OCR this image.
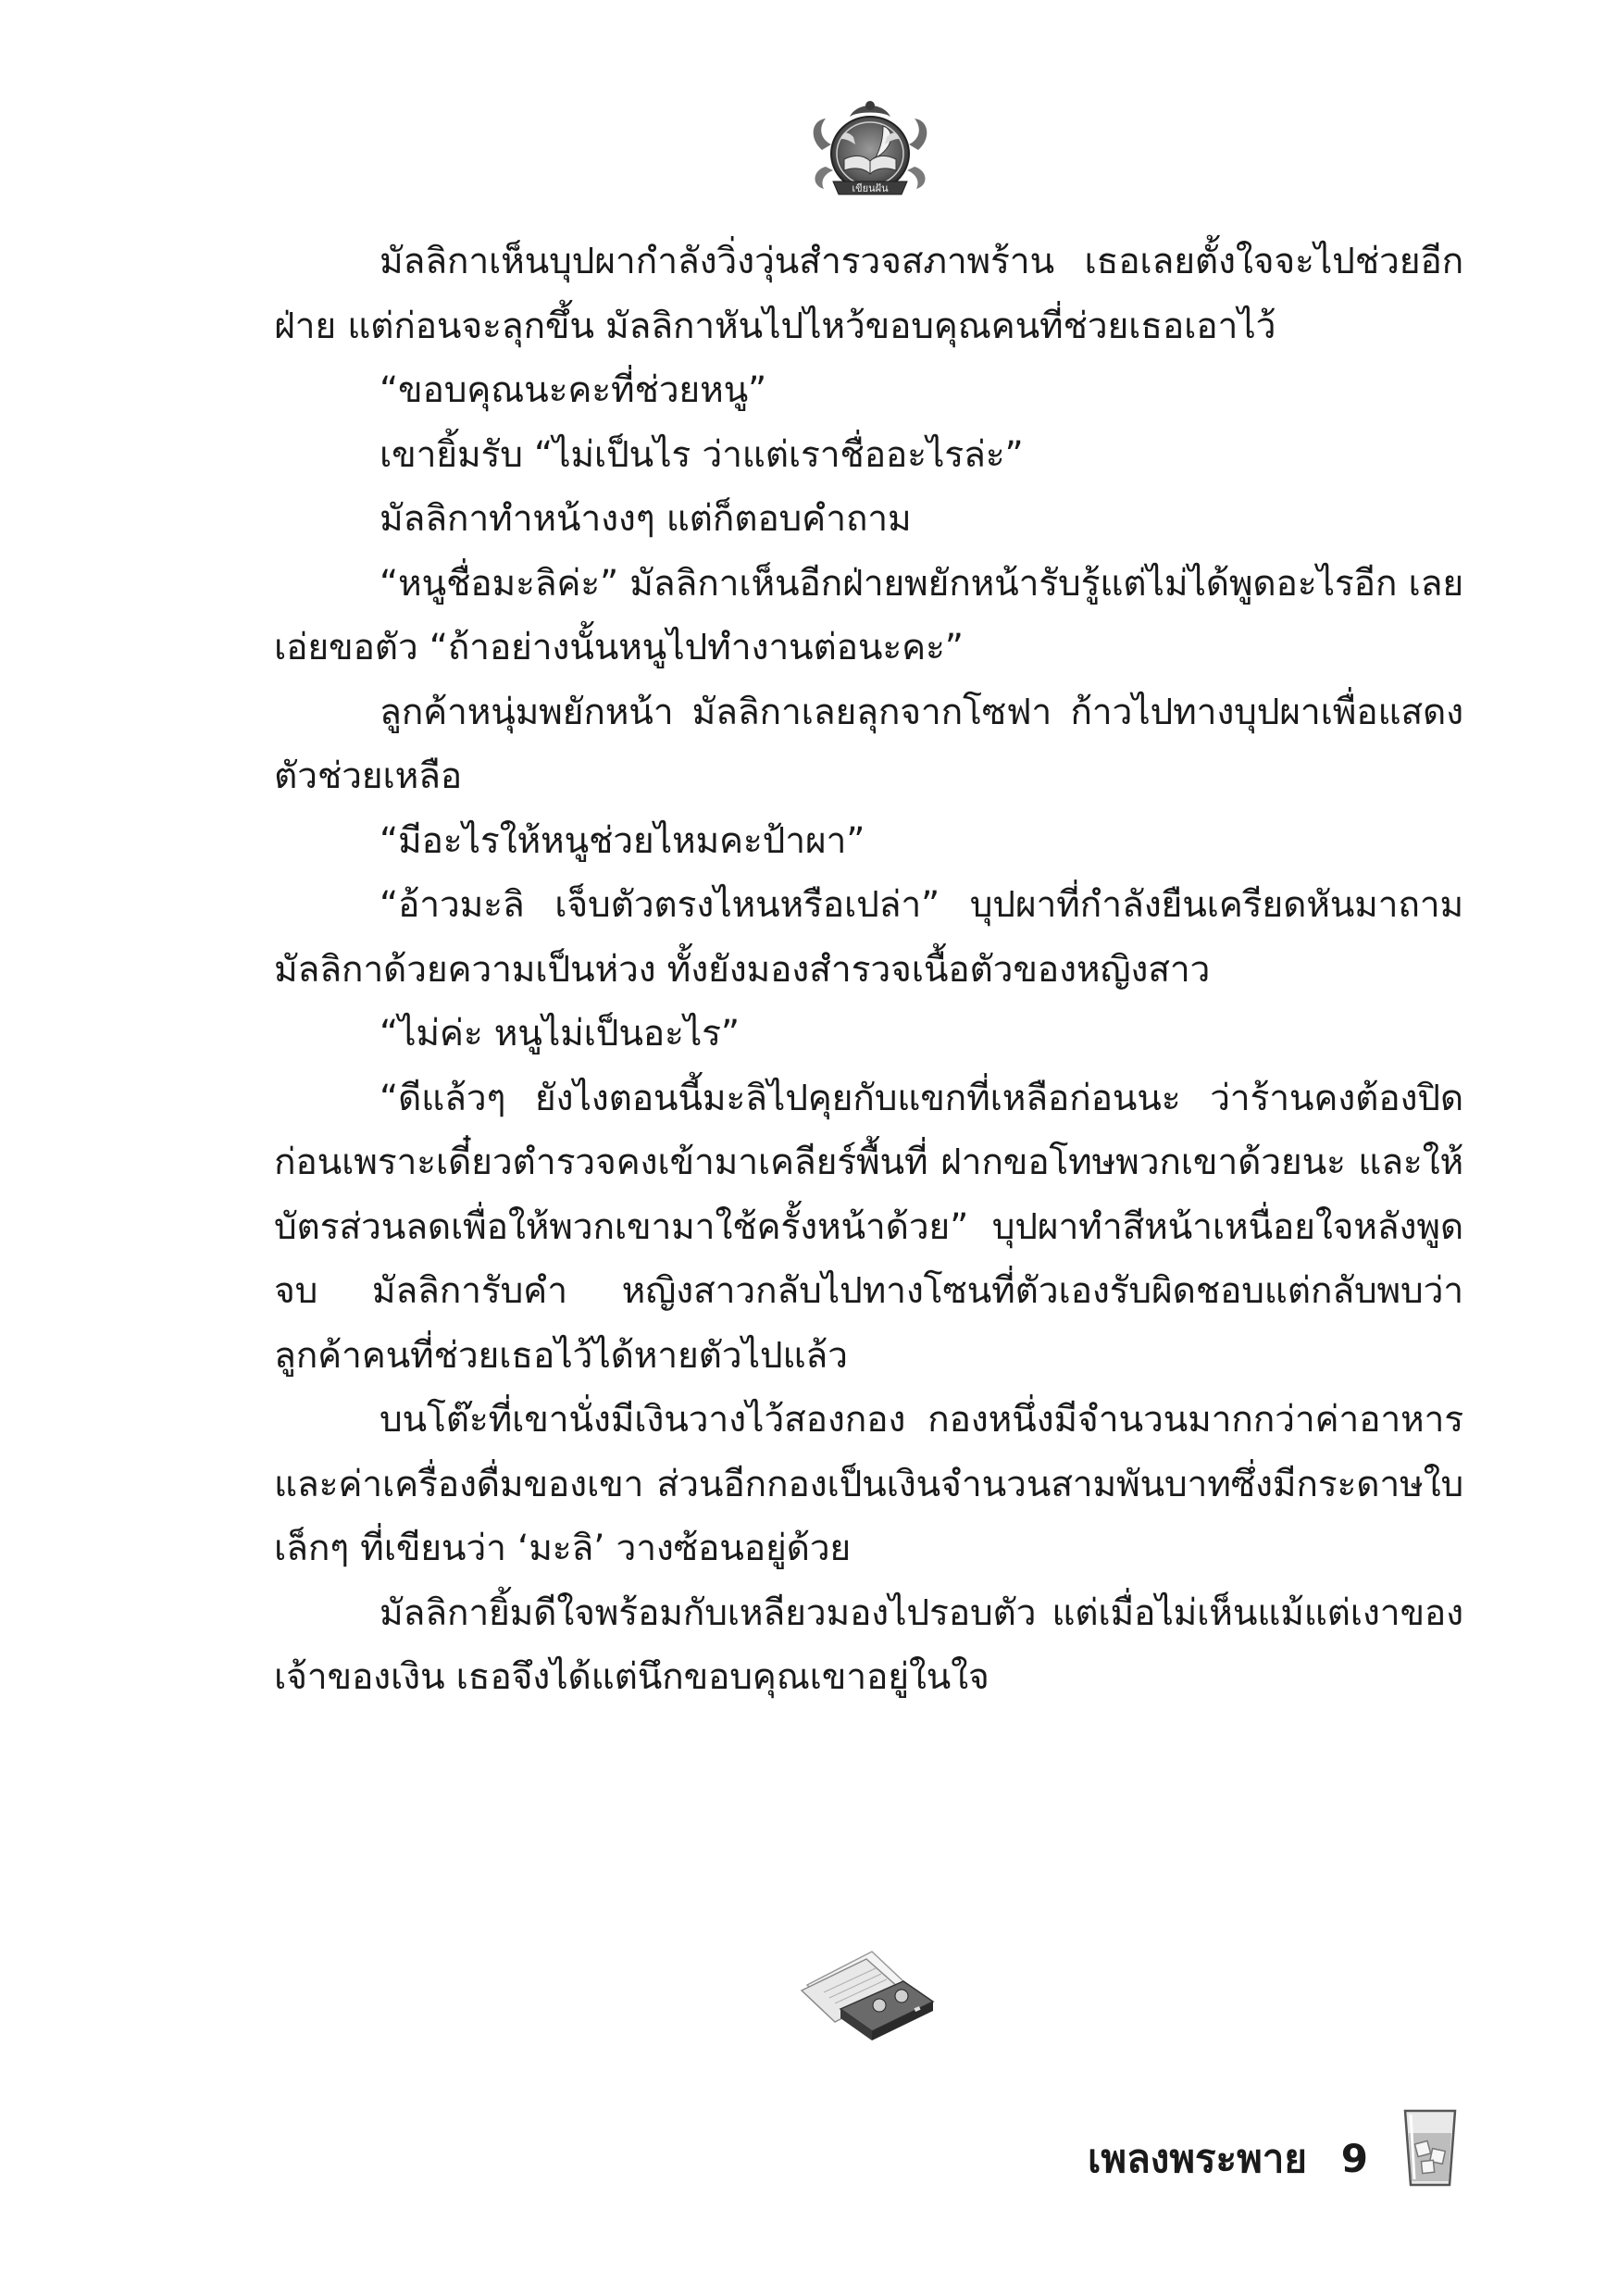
เขียนฝัน

มัลลิกาเห็นบุปผากำลังวิ่งวุ่นสำรวจสภาพร้าน เธอเลยตั้งใจจะไปช่วยอีกฝ่าย แต่ก่อนจะลุกขึ้น มัลลิกาหันไปไหว้ขอบคุณคนที่ช่วยเธอเอาไว้

“ขอบคุณนะคะที่ช่วยหนู”

เขายิ้มรับ “ไม่เป็นไร ว่าแต่เราชื่ออะไรล่ะ”

มัลลิกาทำหน้างงๆ แต่ก็ตอบคำถาม

“หนูชื่อมะลิค่ะ” มัลลิกาเห็นอีกฝ่ายพยักหน้ารับรู้แต่ไม่ได้พูดอะไรอีก เลยเอ่ยขอตัว “ถ้าอย่างนั้นหนูไปทำงานต่อนะคะ”

ลูกค้าหนุ่มพยักหน้า มัลลิกาเลยลุกจากโซฟา ก้าวไปทางบุปผาเพื่อแสดงตัวช่วยเหลือ

“มีอะไรให้หนูช่วยไหมคะป้าผา”

“อ้าวมะลิ เจ็บตัวตรงไหนหรือเปล่า” บุปผาที่กำลังยืนเครียดหันมาถามมัลลิกาด้วยความเป็นห่วง ทั้งยังมองสำรวจเนื้อตัวของหญิงสาว

“ไม่ค่ะ หนูไม่เป็นอะไร”

“ดีแล้วๆ ยังไงตอนนี้มะลิไปคุยกับแขกที่เหลือก่อนนะ ว่าร้านคงต้องปิดก่อนเพราะเดี๋ยวตำรวจคงเข้ามาเคลียร์พื้นที่ ฝากขอโทษพวกเขาด้วยนะ และให้บัตรส่วนลดเพื่อให้พวกเขามาใช้ครั้งหน้าด้วย” บุปผาทำสีหน้าเหนื่อยใจหลังพูดจบ มัลลิการับคำ หญิงสาวกลับไปทางโซนที่ตัวเองรับผิดชอบแต่กลับพบว่าลูกค้าคนที่ช่วยเธอไว้ได้หายตัวไปแล้ว

บนโต๊ะที่เขานั่งมีเงินวางไว้สองกอง กองหนึ่งมีจำนวนมากกว่าค่าอาหารและค่าเครื่องดื่มของเขา ส่วนอีกกองเป็นเงินจำนวนสามพันบาทซึ่งมีกระดาษใบเล็กๆ ที่เขียนว่า ‘มะลิ’ วางซ้อนอยู่ด้วย

มัลลิกายิ้มดีใจพร้อมกับเหลียวมองไปรอบตัว แต่เมื่อไม่เห็นแม้แต่เงาของเจ้าของเงิน เธอจึงได้แต่นึกขอบคุณเขาอยู่ในใจ

เพลงพระพาย 9
